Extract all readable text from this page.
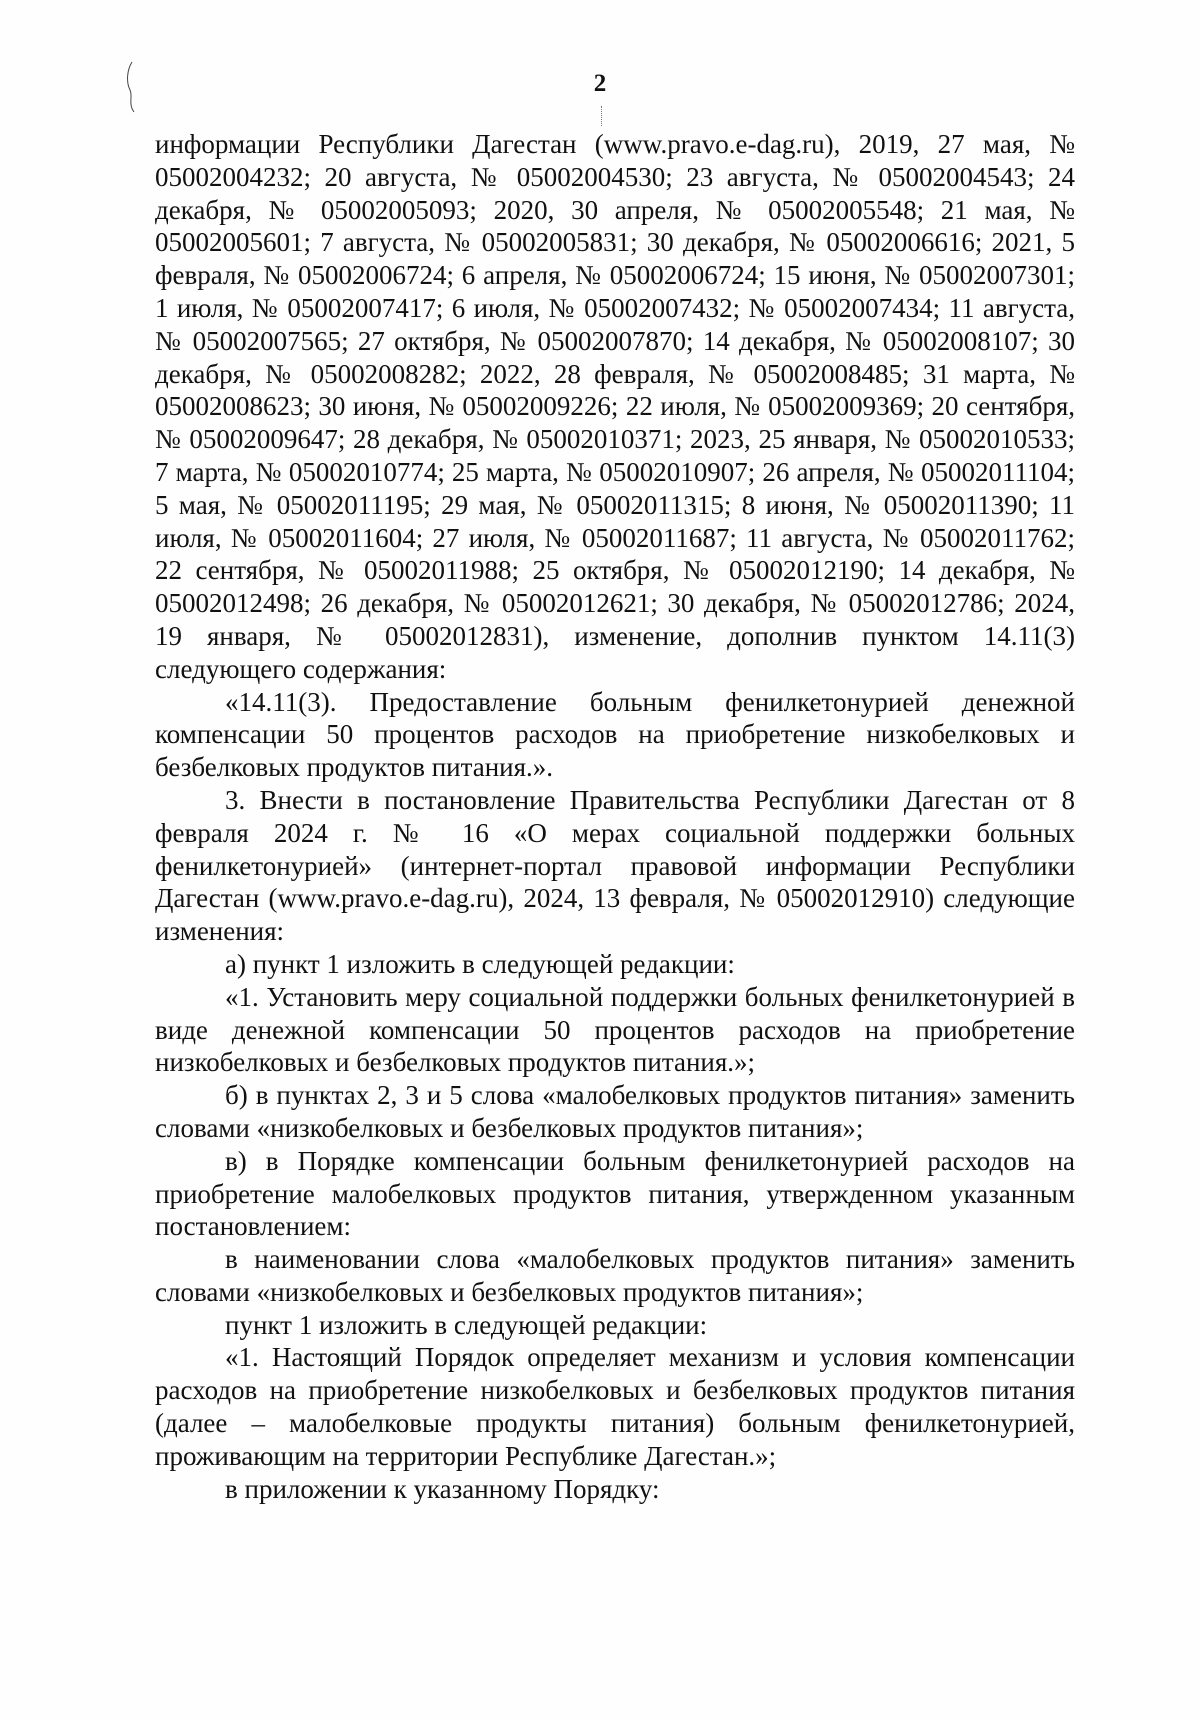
2

информации Республики Дагестан (www.pravo.e-dag.ru), 2019, 27 мая, № 05002004232; 20 августа, № 05002004530; 23 августа, № 05002004543; 24 декабря, № 05002005093; 2020, 30 апреля, № 05002005548; 21 мая, № 05002005601; 7 августа, № 05002005831; 30 декабря, № 05002006616; 2021, 5 февраля, № 05002006724; 6 апреля, № 05002006724; 15 июня, № 05002007301; 1 июля, № 05002007417; 6 июля, № 05002007432; № 05002007434; 11 августа, № 05002007565; 27 октября, № 05002007870; 14 декабря, № 05002008107; 30 декабря, № 05002008282; 2022, 28 февраля, № 05002008485; 31 марта, № 05002008623; 30 июня, № 05002009226; 22 июля, № 05002009369; 20 сентября, № 05002009647; 28 декабря, № 05002010371; 2023, 25 января, № 05002010533; 7 марта, № 05002010774; 25 марта, № 05002010907; 26 апреля, № 05002011104; 5 мая, № 05002011195; 29 мая, № 05002011315; 8 июня, № 05002011390; 11 июля, № 05002011604; 27 июля, № 05002011687; 11 августа, № 05002011762; 22 сентября, № 05002011988; 25 октября, № 05002012190; 14 декабря, № 05002012498; 26 декабря, № 05002012621; 30 декабря, № 05002012786; 2024, 19 января, № 05002012831), изменение, дополнив пунктом 14.11(3) следующего содержания:

«14.11(3). Предоставление больным фенилкетонурией денежной компенсации 50 процентов расходов на приобретение низкобелковых и безбелковых продуктов питания.».

3. Внести в постановление Правительства Республики Дагестан от 8 февраля 2024 г. № 16 «О мерах социальной поддержки больных фенилкетонурией» (интернет-портал правовой информации Республики Дагестан (www.pravo.e-dag.ru), 2024, 13 февраля, № 05002012910) следующие изменения:

а) пункт 1 изложить в следующей редакции:

«1. Установить меру социальной поддержки больных фенилкетонурией в виде денежной компенсации 50 процентов расходов на приобретение низкобелковых и безбелковых продуктов питания.»;

б) в пунктах 2, 3 и 5 слова «малобелковых продуктов питания» заменить словами «низкобелковых и безбелковых продуктов питания»;

в) в Порядке компенсации больным фенилкетонурией расходов на приобретение малобелковых продуктов питания, утвержденном указанным постановлением:

в наименовании слова «малобелковых продуктов питания» заменить словами «низкобелковых и безбелковых продуктов питания»;

пункт 1 изложить в следующей редакции:

«1. Настоящий Порядок определяет механизм и условия компенсации расходов на приобретение низкобелковых и безбелковых продуктов питания (далее – малобелковые продукты питания) больным фенилкетонурией, проживающим на территории Республике Дагестан.»;

в приложении к указанному Порядку:
